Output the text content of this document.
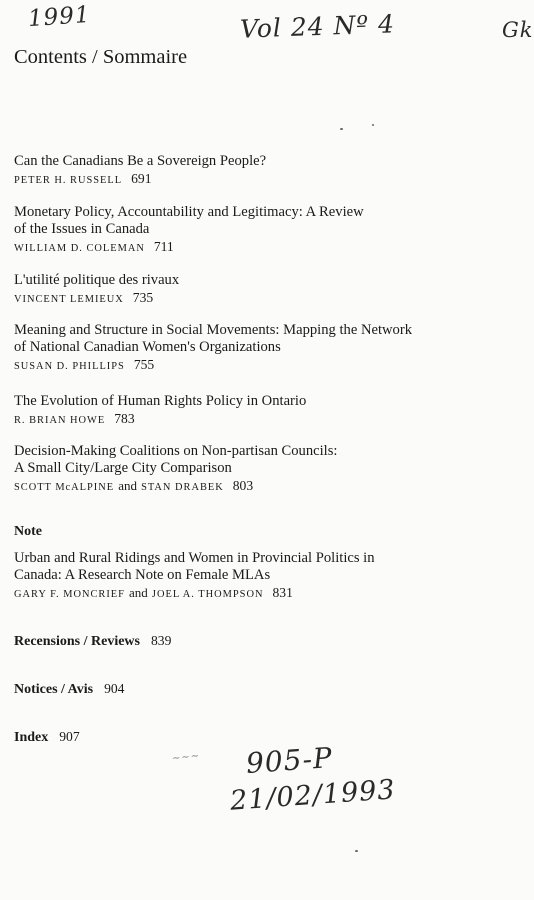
1991	Vol 24 Nº 4	Gk
Contents / Sommaire
Can the Canadians Be a Sovereign People?
PETER H. RUSSELL 691
Monetary Policy, Accountability and Legitimacy: A Review
of the Issues in Canada
WILLIAM D. COLEMAN 711
L'utilité politique des rivaux
VINCENT LEMIEUX 735
Meaning and Structure in Social Movements: Mapping the Network
of National Canadian Women's Organizations
SUSAN D. PHILLIPS 755
The Evolution of Human Rights Policy in Ontario
R. BRIAN HOWE 783
Decision-Making Coalitions on Non-partisan Councils:
A Small City/Large City Comparison
SCOTT McALPINE and STAN DRABEK 803
Note
Urban and Rural Ridings and Women in Provincial Politics in
Canada: A Research Note on Female MLAs
GARY F. MONCRIEF and JOEL A. THOMPSON 831
Recensions / Reviews 839
Notices / Avis 904
Index 907
~~~ 905-P
21/02/1993
